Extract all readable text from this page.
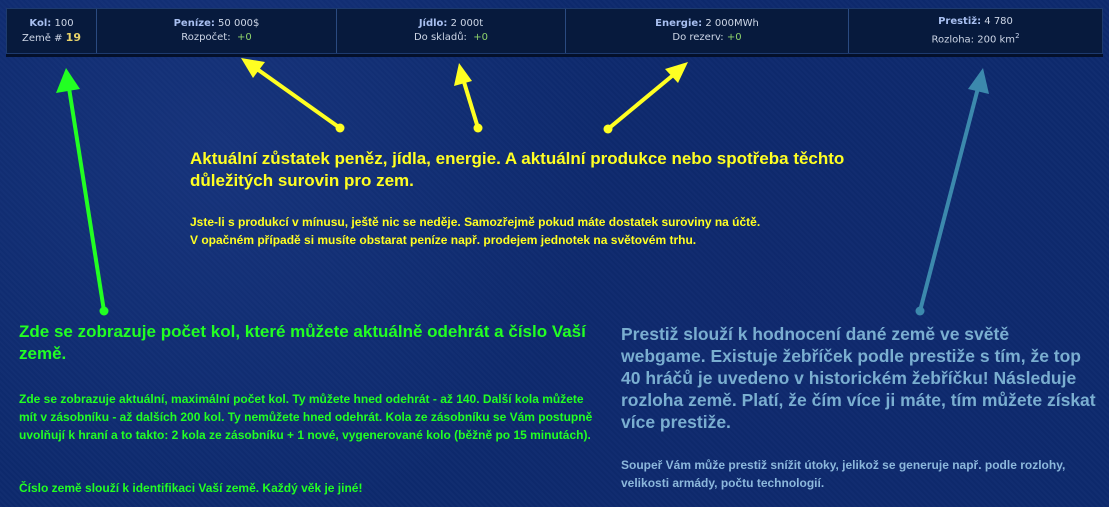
Kol: 100
Země # 19
Peníze: 50 000$
Rozpočet: +0
Jídlo: 2 000t
Do skladů: +0
Energie: 2 000MWh
Do rezerv: +0
Prestiž: 4 780
Rozloha: 200 $km^2$
Aktuální zůstatek peněz, jídla, energie. A aktuální produkce nebo spotřeba těchto důležitých surovin pro zem.
Jste-li s produkcí v mínusu, ještě nic se neděje. Samozřejmě pokud máte dostatek suroviny na účtě.
V opačném případě si musíte obstarat peníze např. prodejem jednotek na světovém trhu.
Zde se zobrazuje počet kol, které můžete aktuálně odehrát a číslo Vaší země.
Zde se zobrazuje aktuální, maximální počet kol. Ty můžete hned odehrát - až 140. Další kola můžete mít v zásobníku - až dalších 200 kol. Ty nemůžete hned odehrát. Kola ze zásobníku se Vám postupně uvolňují k hraní a to takto: 2 kola ze zásobníku + 1 nové, vygenerované kolo (běžně po 15 minutách).
Číslo země slouží k identifikaci Vaší země. Každý věk je jiné!
Prestiž slouží k hodnocení dané země ve světě webgame. Existuje žebříček podle prestiže s tím, že top 40 hráčů je uvedeno v historickém žebříčku! Následuje rozloha země. Platí, že čím více ji máte, tím můžete získat více prestiže.
Soupeř Vám může prestiž snížit útoky, jelikož se generuje např. podle rozlohy, velikosti armády, počtu technologií.
